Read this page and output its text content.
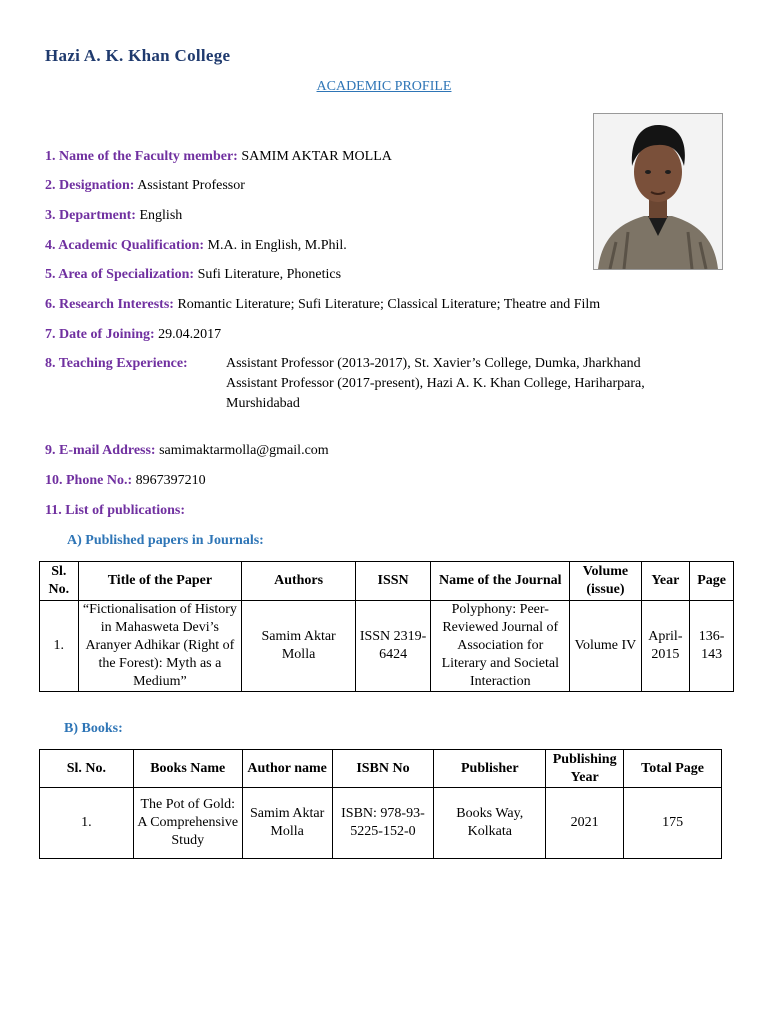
Hazi A. K. Khan College
ACADEMIC PROFILE
1. Name of the Faculty member: SAMIM AKTAR MOLLA
2. Designation: Assistant Professor
3. Department: English
4. Academic Qualification: M.A. in English, M.Phil.
5. Area of Specialization: Sufi Literature, Phonetics
6. Research Interests: Romantic Literature; Sufi Literature; Classical Literature; Theatre and Film
7. Date of Joining: 29.04.2017
8. Teaching Experience:	Assistant Professor (2013-2017), St. Xavier’s College, Dumka, Jharkhand
Assistant Professor (2017-present), Hazi A. K. Khan College, Hariharpara,
Murshidabad
9. E-mail Address: samimaktarmolla@gmail.com
10. Phone No.: 8967397210
11. List of publications:
A) Published papers in Journals:
Sl. No.	Title of the Paper	Authors	ISSN	Name of the Journal	Volume (issue)	Year	Page
1.	“Fictionalisation of History in Mahasweta Devi’s Aranyer Adhikar (Right of the Forest): Myth as a Medium”	Samim Aktar Molla	ISSN 2319-6424	Polyphony: Peer-Reviewed Journal of Association for Literary and Societal Interaction	Volume IV	April-2015	136-143
B) Books:
Sl. No.	Books Name	Author name	ISBN No	Publisher	Publishing Year	Total Page
1.	The Pot of Gold: A Comprehensive Study	Samim Aktar Molla	ISBN: 978-93-5225-152-0	Books Way, Kolkata	2021	175
